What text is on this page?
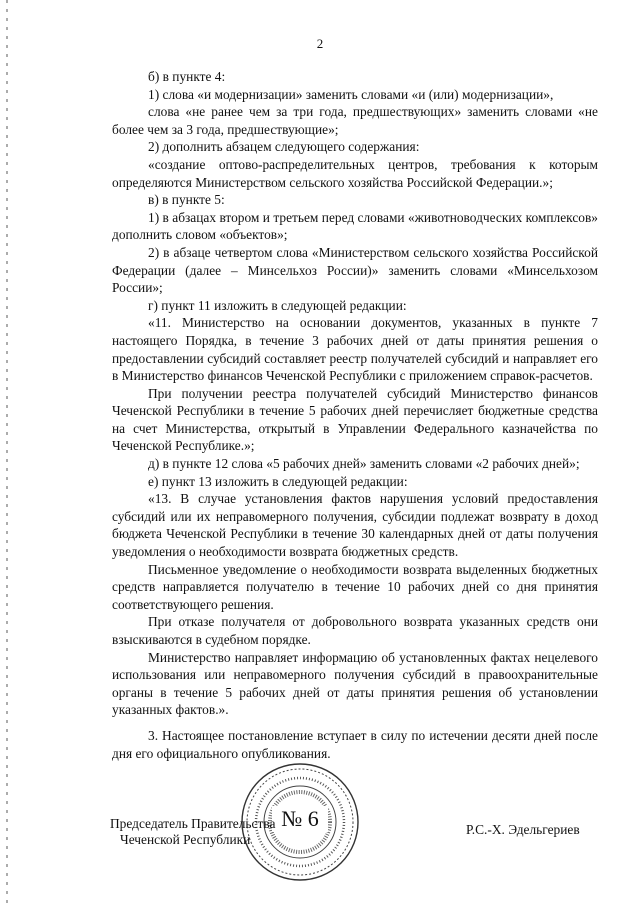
2

б) в пункте 4:

1) слова «и модернизации» заменить словами «и (или) модернизации»,

слова «не ранее чем за три года, предшествующих» заменить словами «не более чем за 3 года, предшествующие»;

2) дополнить абзацем следующего содержания:

«создание оптово-распределительных центров, требования к которым определяются Министерством сельского хозяйства Российской Федерации.»;

в) в пункте 5:

1) в абзацах втором и третьем перед словами «животноводческих комплексов» дополнить словом «объектов»;

2) в абзаце четвертом слова «Министерством сельского хозяйства Российской Федерации (далее – Минсельхоз России)» заменить словами «Минсельхозом России»;

г) пункт 11 изложить в следующей редакции:

«11. Министерство на основании документов, указанных в пункте 7 настоящего Порядка, в течение 3 рабочих дней от даты принятия решения о предоставлении субсидий составляет реестр получателей субсидий и направляет его в Министерство финансов Чеченской Республики с приложением справок-расчетов.

При получении реестра получателей субсидий Министерство финансов Чеченской Республики в течение 5 рабочих дней перечисляет бюджетные средства на счет Министерства, открытый в Управлении Федерального казначейства по Чеченской Республике.»;

д) в пункте 12 слова «5 рабочих дней» заменить словами «2 рабочих дней»;

е) пункт 13 изложить в следующей редакции:

«13. В случае установления фактов нарушения условий предоставления субсидий или их неправомерного получения, субсидии подлежат возврату в доход бюджета Чеченской Республики в течение 30 календарных дней от даты получения уведомления о необходимости возврата бюджетных средств.

Письменное уведомление о необходимости возврата выделенных бюджетных средств направляется получателю в течение 10 рабочих дней со дня принятия соответствующего решения.

При отказе получателя от добровольного возврата указанных средств они взыскиваются в судебном порядке.

Министерство направляет информацию об установленных фактах нецелевого использования или неправомерного получения субсидий в правоохранительные органы в течение 5 рабочих дней от даты принятия решения об установлении указанных фактов.».

3. Настоящее постановление вступает в силу по истечении десяти дней после дня его официального опубликования.

№ 6
Председатель Правительства
Чеченской Республики
Р.С.-Х. Эдельгериев
